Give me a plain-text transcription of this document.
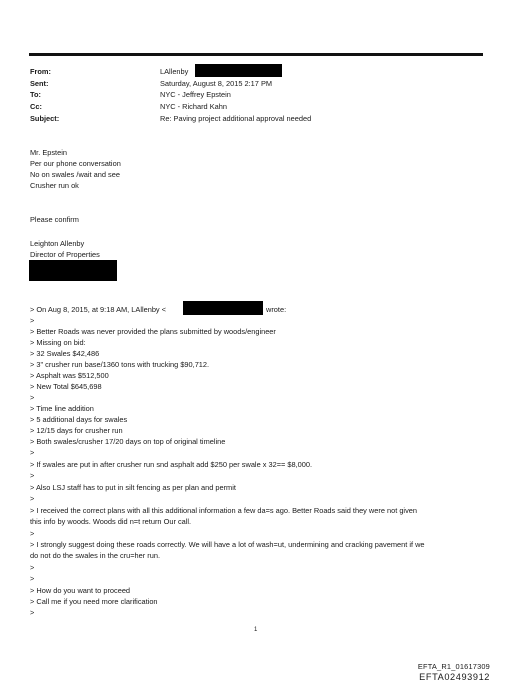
From:	LAllenby
Sent:	Saturday, August 8, 2015 2:17 PM
To:	NYC - Jeffrey Epstein
Cc:	NYC - Richard Kahn
Subject:	Re: Paving project additional approval needed
Mr. Epstein
Per our phone conversation
No on swales /wait and see
Crusher run ok
Please confirm
Leighton Allenby
Director of Properties
> On Aug 8, 2015, at 9:18 AM, LAllenby <	wrote:
>
> Better Roads was never provided the plans submitted by woods/engineer
> Missing on bid:
> 32 Swales $42,486
> 3" crusher run base/1360 tons with trucking $90,712.
> Asphalt was $512,500
> New Total $645,698
>
> Time line addition
> 5 additional days for swales
> 12/15 days for crusher run
> Both swales/crusher 17/20 days on top of original timeline
>
> If swales are put in after crusher run snd asphalt add $250 per swale x 32== $8,000.
>
> Also LSJ staff has to put in silt fencing as per plan and permit
>
> I received the correct plans with all this additional information a few da=s ago. Better Roads said they were not given
this info by woods. Woods did n=t return Our call.
>
> I strongly suggest doing these roads correctly. We will have a lot of wash=ut, undermining and cracking pavement if we
do not do the swales in the cru=her run.
>
>
> How do you want to proceed
> Call me if you need more clarification
>
1
EFTA_R1_01617309
EFTA02493912
